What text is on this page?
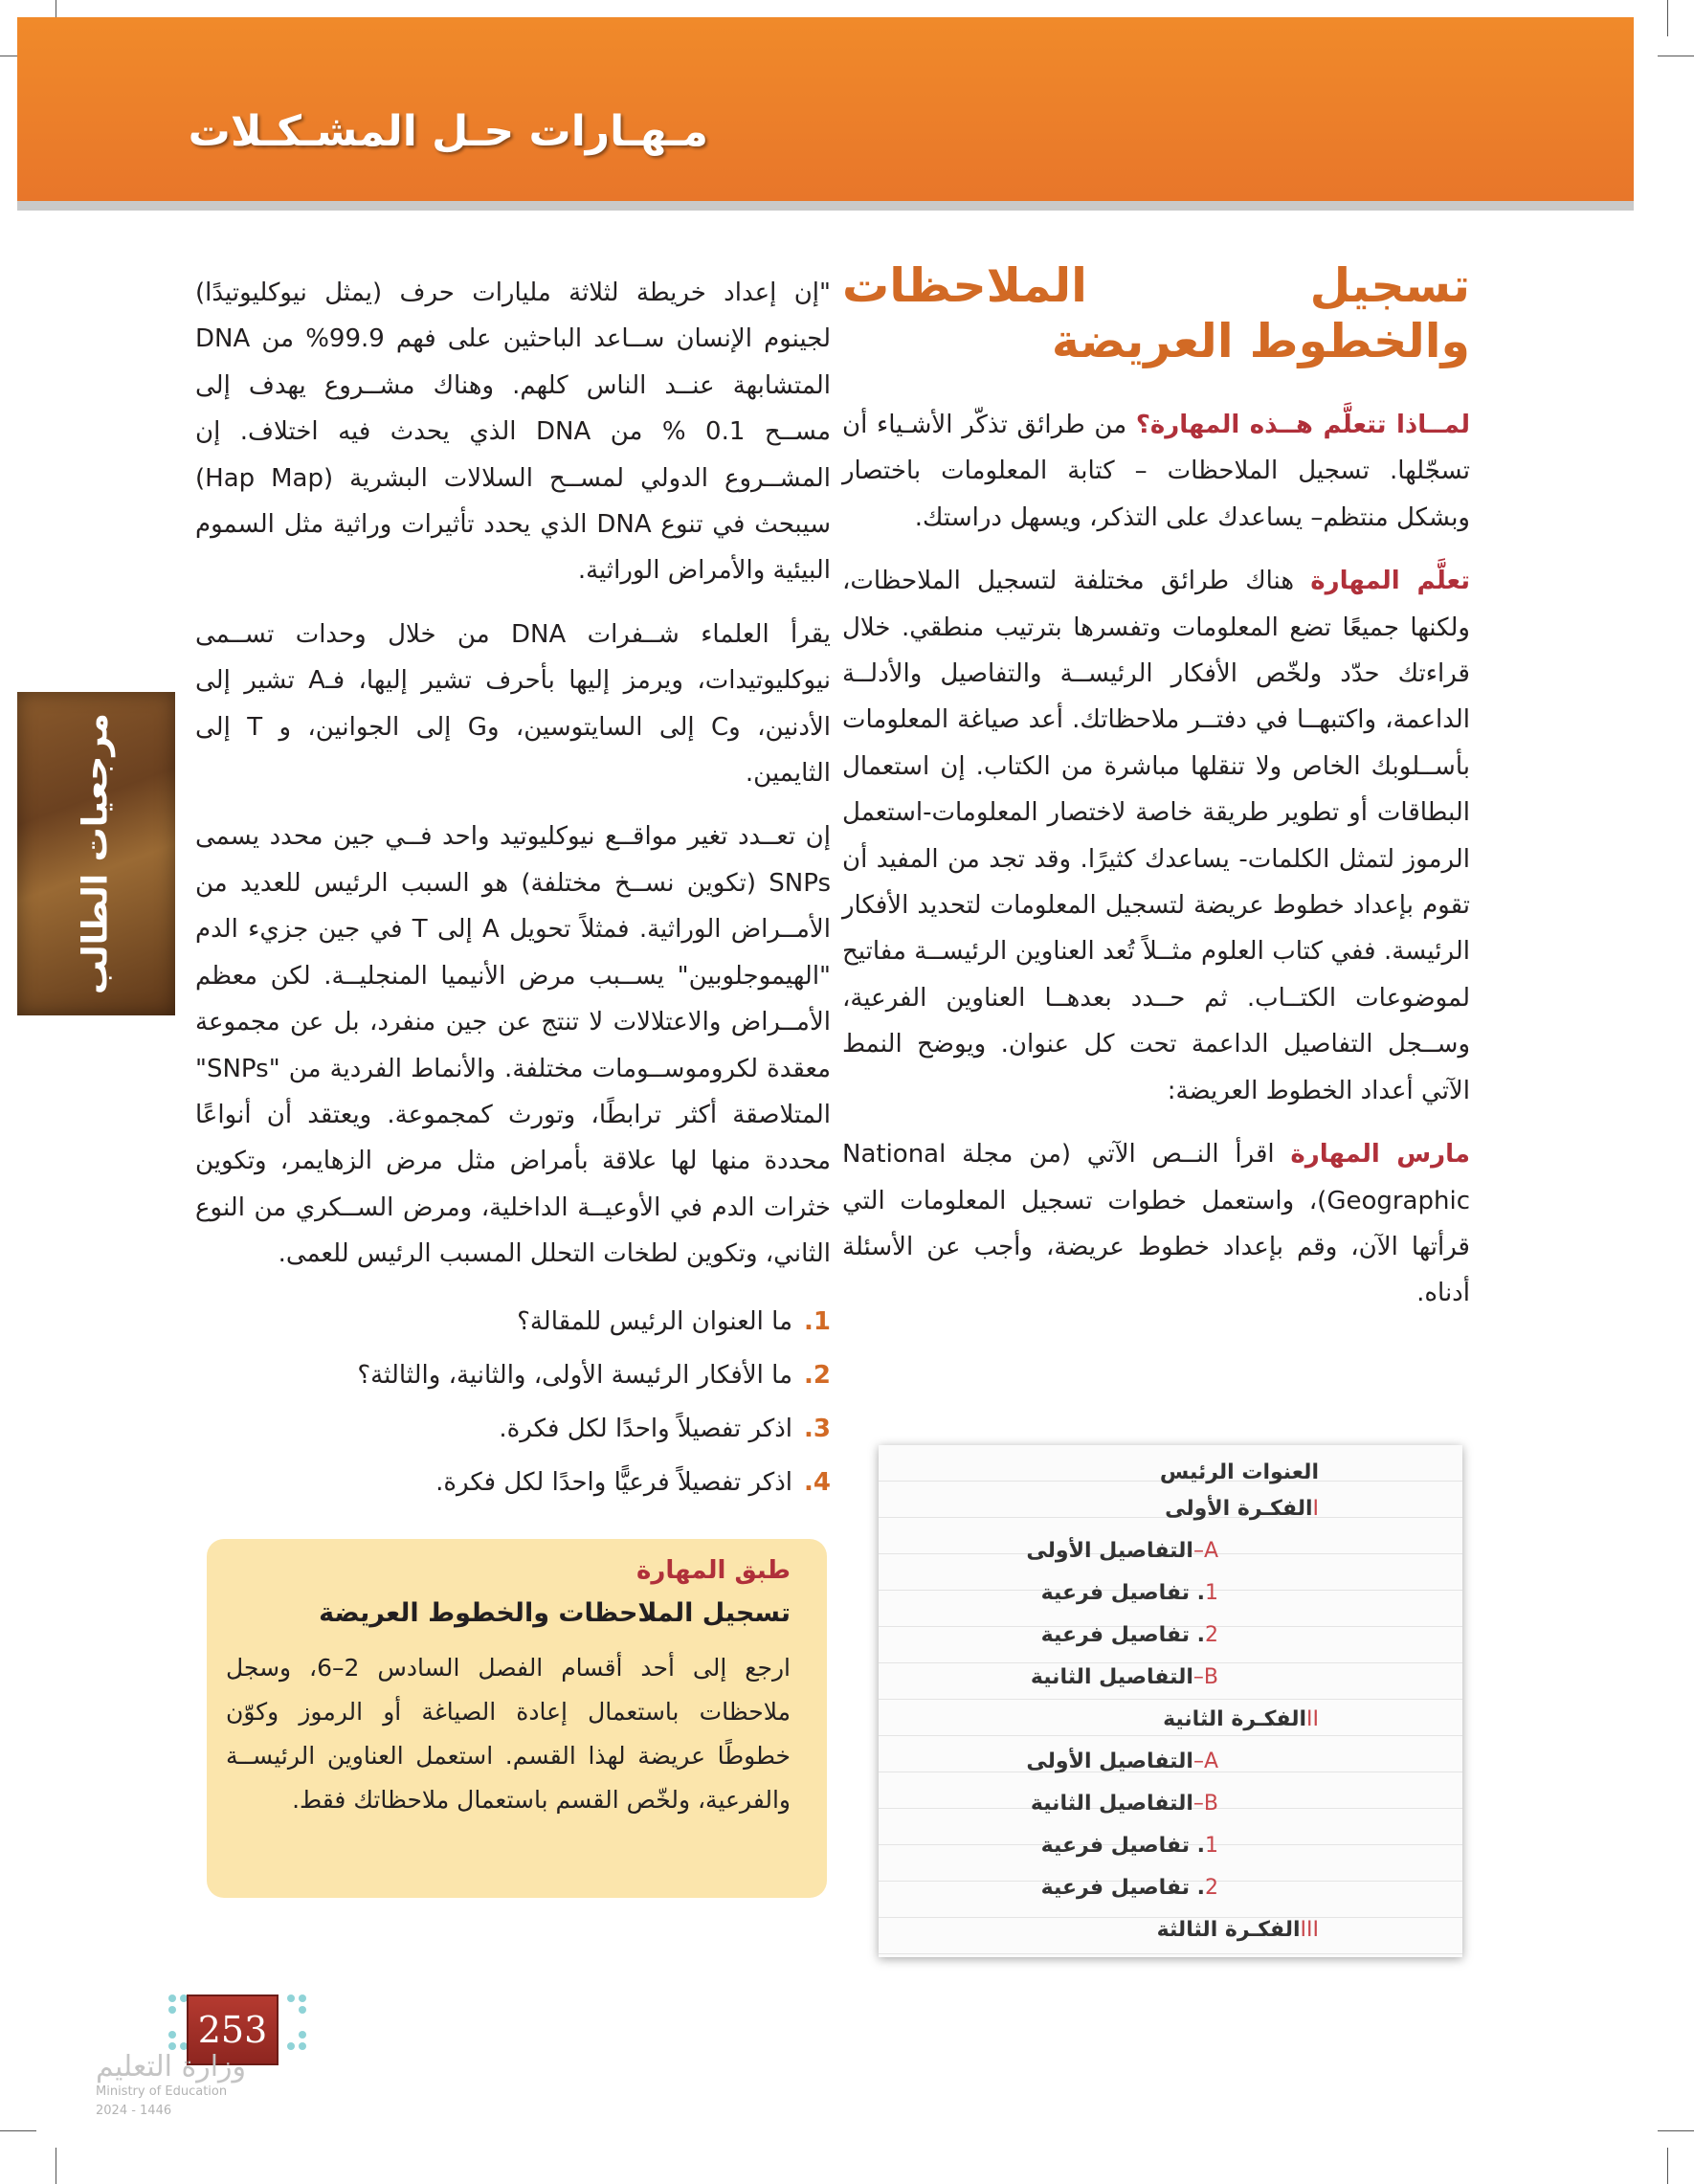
مـهـارات حـل المشـكـلات
مرجعيات الطالب
تسجيل الملاحظات والخطوط العريضة

لمــاذا تتعلَّم هــذه المهارة؟ من طرائق تذكّر الأشـياء أن تسجّلها. تسجيل الملاحظات – كتابة المعلومات باختصار وبشكل منتظم– يساعدك على التذكر، ويسهل دراستك.

تعلَّم المهارة هناك طرائق مختلفة لتسجيل الملاحظات، ولكنها جميعًا تضع المعلومات وتفسرها بترتيب منطقي. خلال قراءتك حدّد ولخّص الأفكار الرئيســة والتفاصيل والأدلــة الداعمة، واكتبهــا في دفتــر ملاحظاتك. أعد صياغة المعلومات بأســلوبك الخاص ولا تنقلها مباشرة من الكتاب. إن استعمال البطاقات أو تطوير طريقة خاصة لاختصار المعلومات-استعمل الرموز لتمثل الكلمات- يساعدك كثيرًا. وقد تجد من المفيد أن تقوم بإعداد خطوط عريضة لتسجيل المعلومات لتحديد الأفكار الرئيسة. ففي كتاب العلوم مثــلاً تُعد العناوين الرئيســة مفاتيح لموضوعات الكتــاب. ثم حــدد بعدهــا العناوين الفرعية، وســجل التفاصيل الداعمة تحت كل عنوان. ويوضح النمط الآتي أعداد الخطوط العريضة:

مارس المهارة اقرأ النــص الآتي (من مجلة National Geographic)، واستعمل خطوات تسجيل المعلومات التي قرأتها الآن، وقم بإعداد خطوط عريضة، وأجب عن الأسئلة أدناه.

العنوات الرئيس
Iالفكـرة الأولى
A–التفاصيل الأولى
1. تفاصيل فرعية
2. تفاصيل فرعية
B–التفاصيل الثانية
IIالفكـرة الثانية
A–التفاصيل الأولى
B–التفاصيل الثانية
1. تفاصيل فرعية
2. تفاصيل فرعية
IIIالفكـرة الثالثة

"إن إعداد خريطة لثلاثة مليارات حرف (يمثل نيوكليوتيدًا) لجينوم الإنسان ســاعد الباحثين على فهم 99.9% من DNA المتشابهة عنــد الناس كلهم. وهناك مشــروع يهدف إلى مســح 0.1 % من DNA الذي يحدث فيه اختلاف. إن المشــروع الدولي لمســح السلالات البشرية (Hap Map) سيبحث في تنوع DNA الذي يحدد تأثيرات وراثية مثل السموم البيئية والأمراض الوراثية.

يقرأ العلماء شــفرات DNA من خلال وحدات تســمى نيوكليوتيدات، ويرمز إليها بأحرف تشير إليها، فـA تشير إلى الأدنين، وC إلى السايتوسين، وG إلى الجوانين، و T إلى الثايمين.

إن تعــدد تغير مواقــع نيوكليوتيد واحد فــي جين محدد يسمى SNPs (تكوين نســخ مختلفة) هو السبب الرئيس للعديد من الأمــراض الوراثية. فمثلاً تحويل A إلى T في جين جزيء الدم "الهيموجلوبين" يســبب مرض الأنيميا المنجليــة. لكن معظم الأمــراض والاعتلالات لا تنتج عن جين منفرد، بل عن مجموعة معقدة لكروموســومات مختلفة. والأنماط الفردية من "SNPs" المتلاصقة أكثر ترابطًا، وتورث كمجموعة. ويعتقد أن أنواعًا محددة منها لها علاقة بأمراض مثل مرض الزهايمر، وتكوين خثرات الدم في الأوعيــة الداخلية، ومرض الســكري من النوع الثاني، وتكوين لطخات التحلل المسبب الرئيس للعمى.

1.ما العنوان الرئيس للمقالة؟
2.ما الأفكار الرئيسة الأولى، والثانية، والثالثة؟
3.اذكر تفصيلاً واحدًا لكل فكرة.
4.اذكر تفصيلاً فرعيًّا واحدًا لكل فكرة.
طبق المهارة
تسجيل الملاحظات والخطوط العريضة
ارجع إلى أحد أقسام الفصل السادس 2–6، وسجل ملاحظات باستعمال إعادة الصياغة أو الرموز وكوّن خطوطًا عريضة لهذا القسم. استعمل العناوين الرئيســة والفرعية، ولخّص القسم باستعمال ملاحظاتك فقط.
253
وزارة التعليم
Ministry of Education
2024 - 1446
